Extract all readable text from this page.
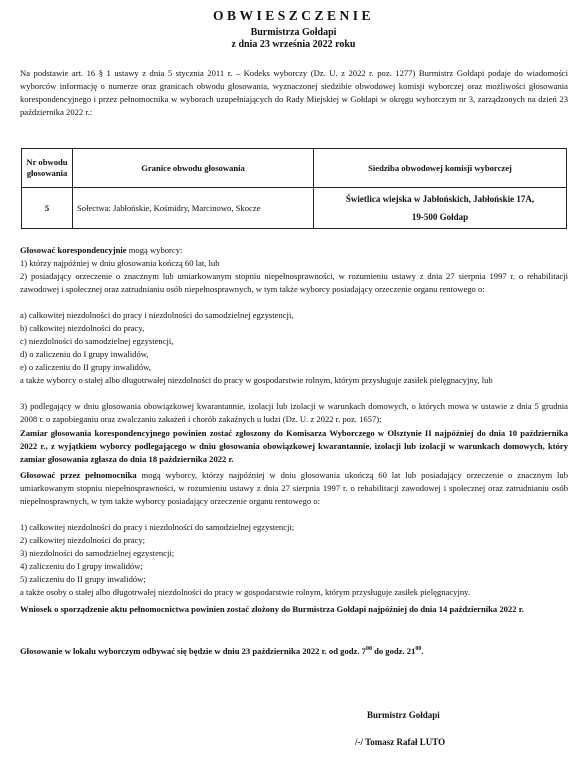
OBWIESZCZENIE
Burmistrza Gołdapi
z dnia 23 września 2022 roku
Na podstawie art. 16 § 1 ustawy z dnia 5 stycznia 2011 r. – Kodeks wyborczy (Dz. U. z 2022 r. poz. 1277) Burmistrz Gołdapi podaje do wiadomości wyborców informację o numerze oraz granicach obwodu głosowania, wyznaczonej siedzibie obwodowej komisji wyborczej oraz możliwości głosowania korespondencyjnego i przez pełnomocnika w wyborach uzupełniających do Rady Miejskiej w Gołdapi w okręgu wyborczym nr 3, zarządzonych na dzień 23 października 2022 r.:
Nr obwodu głosowania	Granice obwodu głosowania	Siedziba obwodowej komisji wyborczej
5	Sołectwa: Jabłońskie, Kośmidry, Marcinowo, Skocze	Świetlica wiejska w Jabłońskich, Jabłońskie 17A,
19-500 Gołdap
Głosować korespondencyjnie mogą wyborcy:
1) którzy najpóźniej w dniu głosowania kończą 60 lat, lub
2) posiadający orzeczenie o znacznym lub umiarkowanym stopniu niepełnosprawności, w rozumieniu ustawy z dnia 27 sierpnia 1997 r. o rehabilitacji zawodowej i społecznej oraz zatrudnianiu osób niepełnosprawnych, w tym także wyborcy posiadający orzeczenie organu rentowego o:
a) całkowitej niezdolności do pracy i niezdolności do samodzielnej egzystencji,
b) całkowitej niezdolności do pracy,
c) niezdolności do samodzielnej egzystencji,
d) o zaliczeniu do I grupy inwalidów,
e) o zaliczeniu do II grupy inwalidów,
a także wyborcy o stałej albo długotrwałej niezdolności do pracy w gospodarstwie rolnym, którym przysługuje zasiłek pielęgnacyjny, lub
3) podlegający w dniu głosowania obowiązkowej kwarantannie, izolacji lub izolacji w warunkach domowych, o których mowa w ustawie z dnia 5 grudnia 2008 r. o zapobieganiu oraz zwalczaniu zakażeń i chorób zakaźnych u ludzi (Dz. U. z 2022 r. poz. 1657);
Zamiar głosowania korespondencyjnego powinien zostać zgłoszony do Komisarza Wyborczego w Olsztynie II najpóźniej do dnia 10 października 2022 r., z wyjątkiem wyborcy podlegającego w dniu głosowania obowiązkowej kwarantannie, izolacji lub izolacji w warunkach domowych, który zamiar głosowania zgłasza do dnia 18 października 2022 r.
Głosować przez pełnomocnika mogą wyborcy, którzy najpóźniej w dniu głosowania ukończą 60 lat lub posiadający orzeczenie o znacznym lub umiarkowanym stopniu niepełnosprawności, w rozumieniu ustawy z dnia 27 sierpnia 1997 r. o rehabilitacji zawodowej i społecznej oraz zatrudnianiu osób niepełnosprawnych, w tym także wyborcy posiadający orzeczenie organu rentowego o:
1) całkowitej niezdolności do pracy i niezdolności do samodzielnej egzystencji;
2) całkowitej niezdolności do pracy;
3) niezdolności do samodzielnej egzystencji;
4) zaliczeniu do I grupy inwalidów;
5) zaliczeniu do II grupy inwalidów;
a także osoby o stałej albo długotrwałej niezdolności do pracy w gospodarstwie rolnym, którym przysługuje zasiłek pielęgnacyjny.
Wniosek o sporządzenie aktu pełnomocnictwa powinien zostać złożony do Burmistrza Gołdapi najpóźniej do dnia 14 października 2022 r.
Głosowanie w lokalu wyborczym odbywać się będzie w dniu 23 października 2022 r. od godz. $7^{00}$ do godz. $21^{00}$.
Burmistrz Gołdapi
/-/ Tomasz Rafał LUTO
